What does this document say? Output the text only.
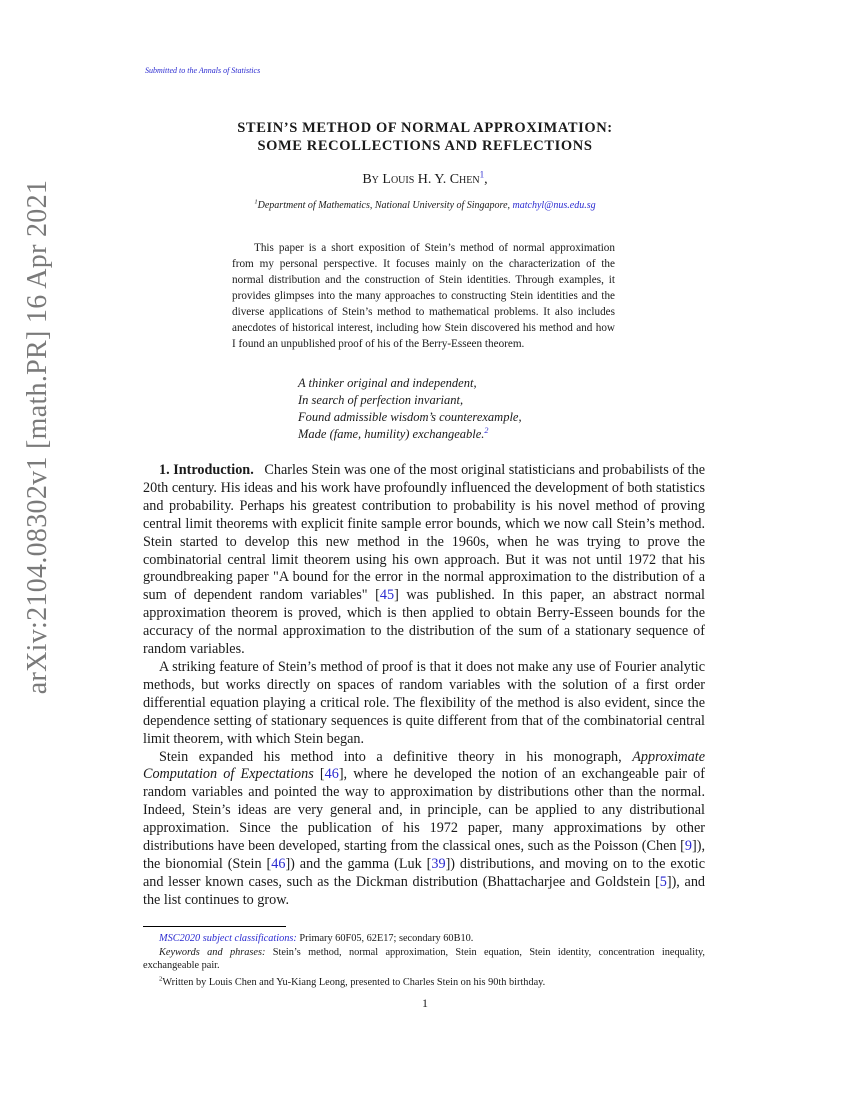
Submitted to the Annals of Statistics
arXiv:2104.08302v1 [math.PR] 16 Apr 2021
STEIN’S METHOD OF NORMAL APPROXIMATION:
SOME RECOLLECTIONS AND REFLECTIONS
By Louis H. Y. Chen$^1$,
$^1$Department of Mathematics, National University of Singapore, matchyl@nus.edu.sg

This paper is a short exposition of Stein’s method of normal approximation from my personal perspective. It focuses mainly on the characterization of the normal distribution and the construction of Stein identities. Through examples, it provides glimpses into the many approaches to constructing Stein identities and the diverse applications of Stein’s method to mathematical problems. It also includes anecdotes of historical interest, including how Stein discovered his method and how I found an unpublished proof of his of the Berry-Esseen theorem.

A thinker original and independent,
In search of perfection invariant,
Found admissible wisdom’s counterexample,
Made (fame, humility) exchangeable.$^2$

1. Introduction. Charles Stein was one of the most original statisticians and probabilists of the 20th century. His ideas and his work have profoundly influenced the development of both statistics and probability. Perhaps his greatest contribution to probability is his novel method of proving central limit theorems with explicit finite sample error bounds, which we now call Stein’s method. Stein started to develop this new method in the 1960s, when he was trying to prove the combinatorial central limit theorem using his own approach. But it was not until 1972 that his groundbreaking paper "A bound for the error in the normal approximation to the distribution of a sum of dependent random variables" [45] was published. In this paper, an abstract normal approximation theorem is proved, which is then applied to obtain Berry-Esseen bounds for the accuracy of the normal approximation to the distribution of the sum of a stationary sequence of random variables.

A striking feature of Stein’s method of proof is that it does not make any use of Fourier analytic methods, but works directly on spaces of random variables with the solution of a first order differential equation playing a critical role. The flexibility of the method is also evident, since the dependence setting of stationary sequences is quite different from that of the combinatorial central limit theorem, with which Stein began.

Stein expanded his method into a definitive theory in his monograph, Approximate Computation of Expectations [46], where he developed the notion of an exchangeable pair of random variables and pointed the way to approximation by distributions other than the normal. Indeed, Stein’s ideas are very general and, in principle, can be applied to any distributional approximation. Since the publication of his 1972 paper, many approximations by other distributions have been developed, starting from the classical ones, such as the Poisson (Chen [9]), the bionomial (Stein [46]) and the gamma (Luk [39]) distributions, and moving on to the exotic and lesser known cases, such as the Dickman distribution (Bhattacharjee and Goldstein [5]), and the list continues to grow.

MSC2020 subject classifications: Primary 60F05, 62E17; secondary 60B10.
Keywords and phrases: Stein’s method, normal approximation, Stein equation, Stein identity, concentration inequality, exchangeable pair.
$^2$Written by Louis Chen and Yu-Kiang Leong, presented to Charles Stein on his 90th birthday.
1
